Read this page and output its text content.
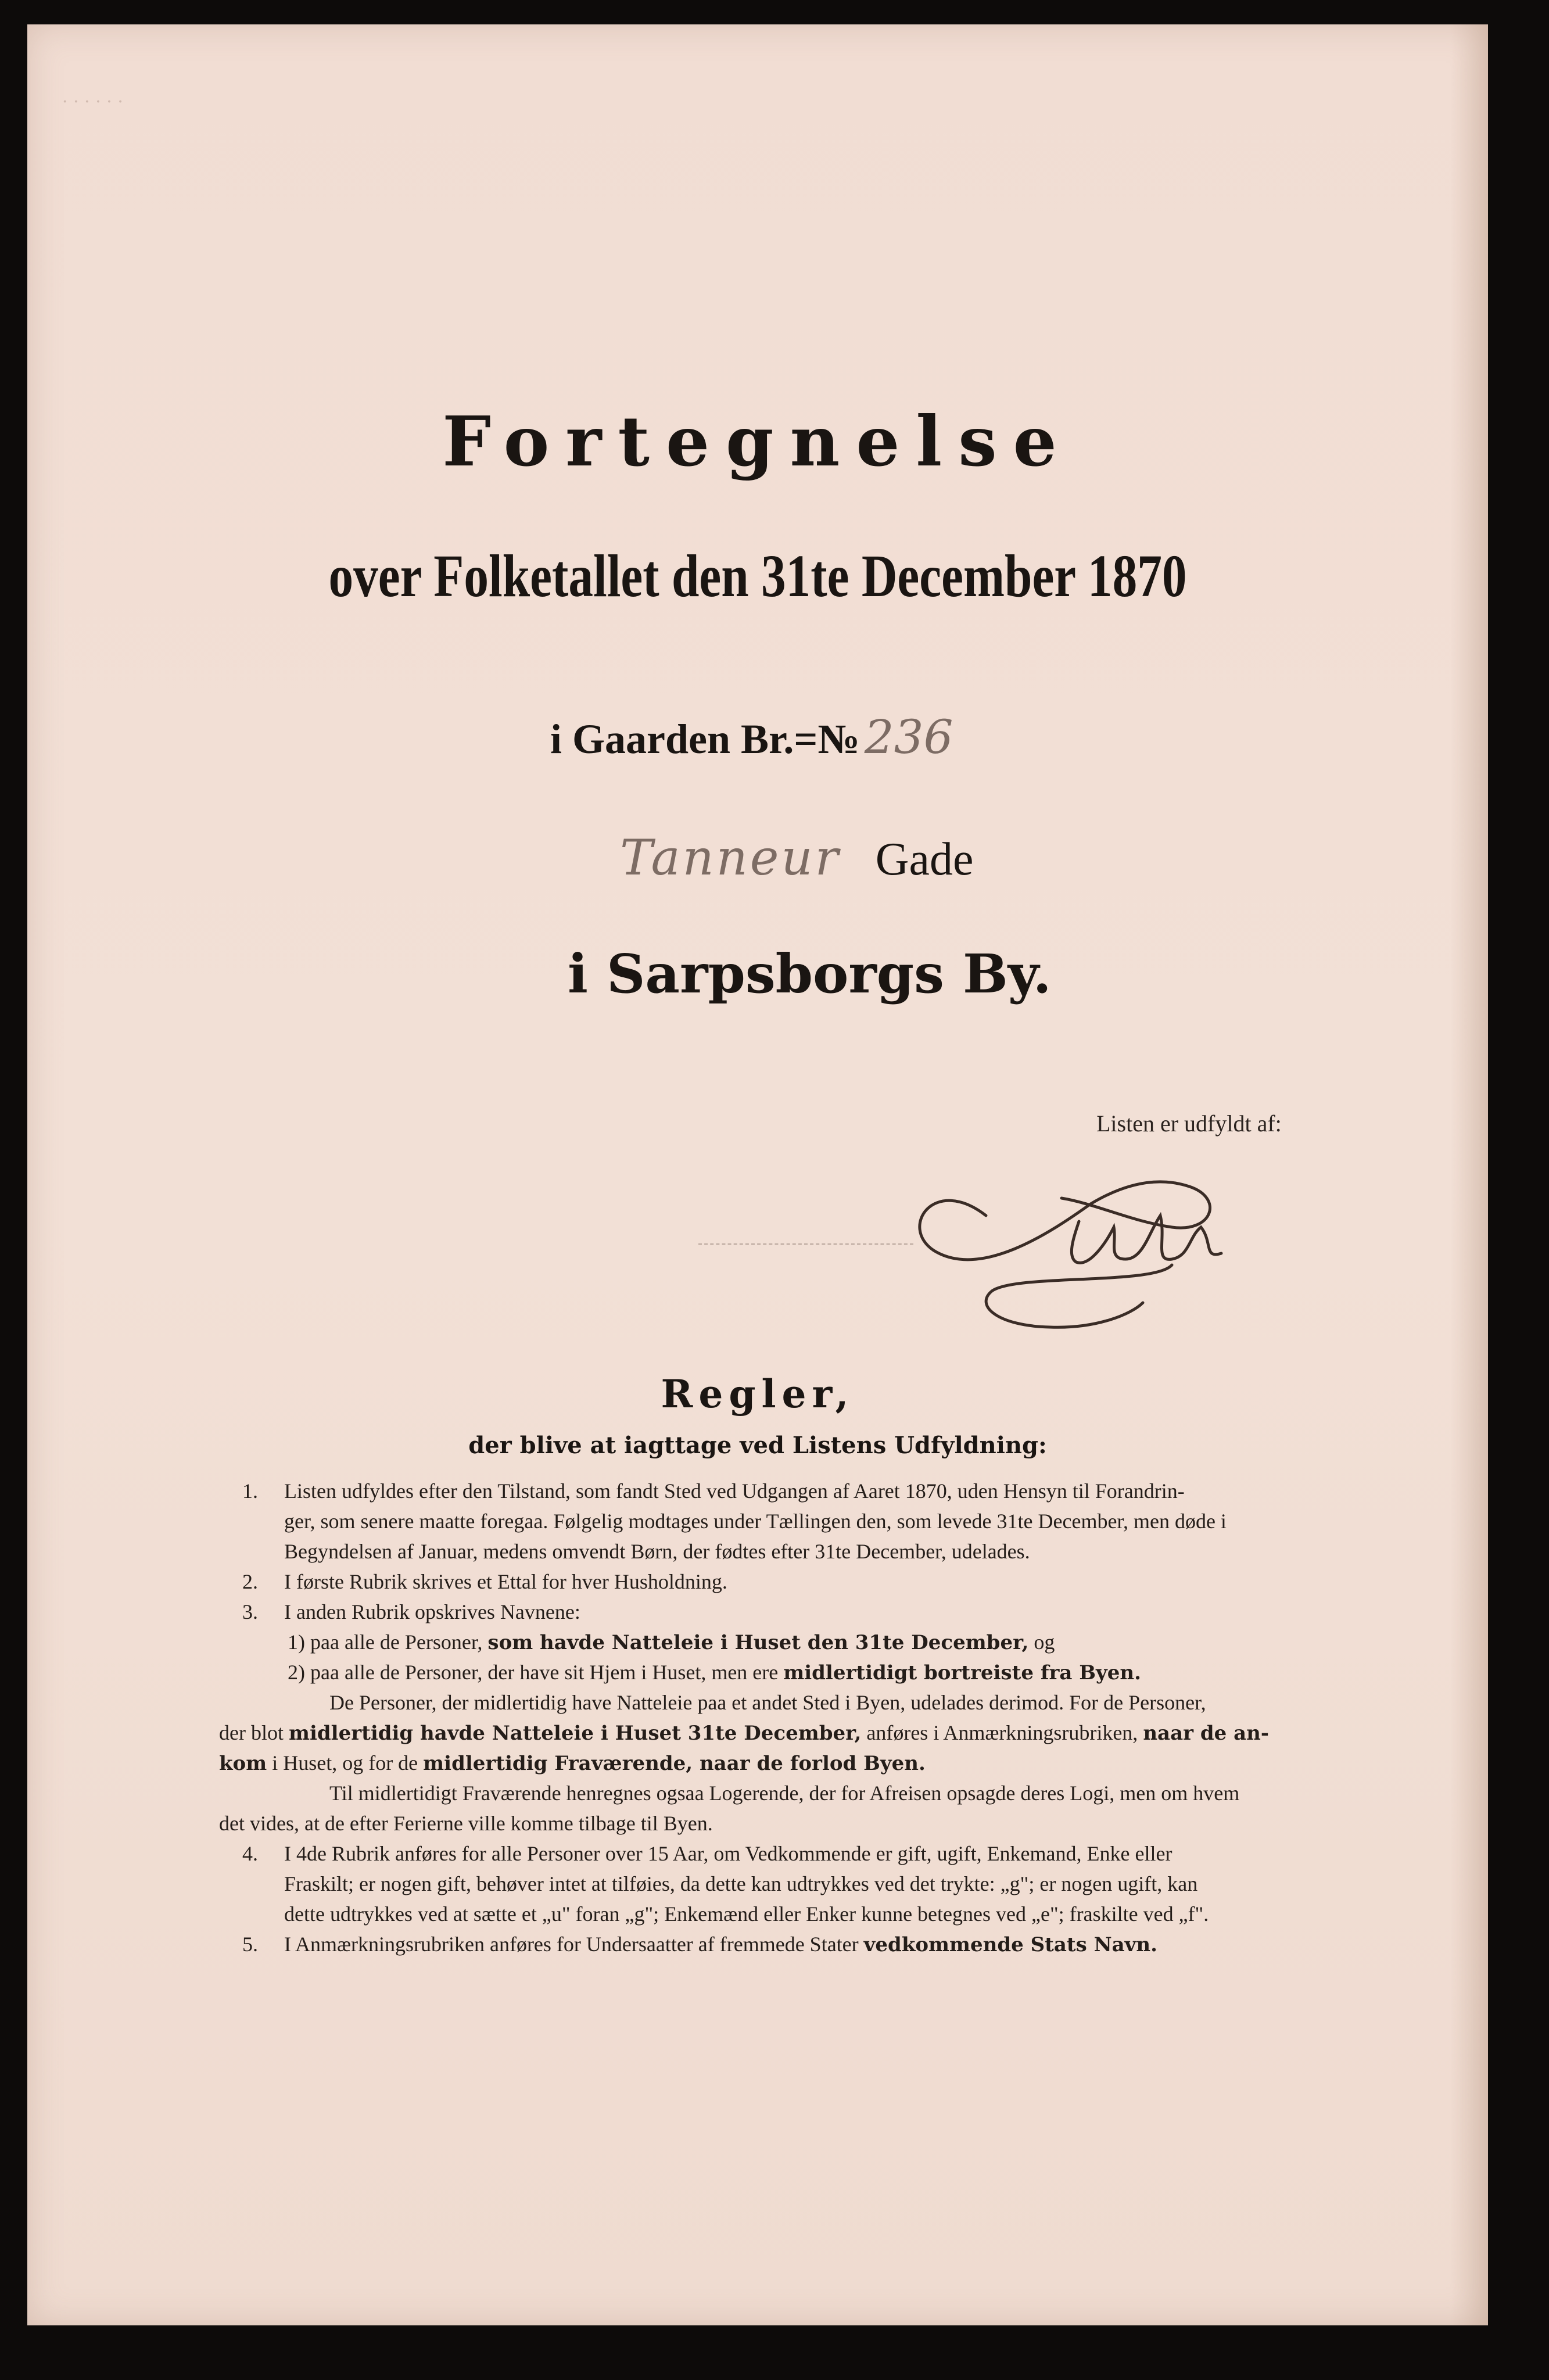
· · · · · ·
Fortegnelse
over Folketallet den 31te December 1870
i Gaarden Br.=№ 236
Tanneur Gade
i Sarpsborgs By.
Listen er udfyldt af:
Regler,
der blive at iagttage ved Listens Udfyldning:
1. Listen udfyldes efter den Tilstand, som fandt Sted ved Udgangen af Aaret 1870, uden Hensyn til Forandrin-
ger, som senere maatte foregaa. Følgelig modtages under Tællingen den, som levede 31te December, men døde i
Begyndelsen af Januar, medens omvendt Børn, der fødtes efter 31te December, udelades.
2. I første Rubrik skrives et Ettal for hver Husholdning.
3. I anden Rubrik opskrives Navnene:
1) paa alle de Personer, som havde Natteleie i Huset den 31te December, og
2) paa alle de Personer, der have sit Hjem i Huset, men ere midlertidigt bortreiste fra Byen.
De Personer, der midlertidig have Natteleie paa et andet Sted i Byen, udelades derimod. For de Personer,
der blot midlertidig havde Natteleie i Huset 31te December, anføres i Anmærkningsrubriken, naar de an-
kom i Huset, og for de midlertidig Fraværende, naar de forlod Byen.
Til midlertidigt Fraværende henregnes ogsaa Logerende, der for Afreisen opsagde deres Logi, men om hvem
det vides, at de efter Ferierne ville komme tilbage til Byen.
4. I 4de Rubrik anføres for alle Personer over 15 Aar, om Vedkommende er gift, ugift, Enkemand, Enke eller
Fraskilt; er nogen gift, behøver intet at tilføies, da dette kan udtrykkes ved det trykte: „g"; er nogen ugift, kan
dette udtrykkes ved at sætte et „u" foran „g"; Enkemænd eller Enker kunne betegnes ved „e"; fraskilte ved „f".
5. I Anmærkningsrubriken anføres for Undersaatter af fremmede Stater vedkommende Stats Navn.
